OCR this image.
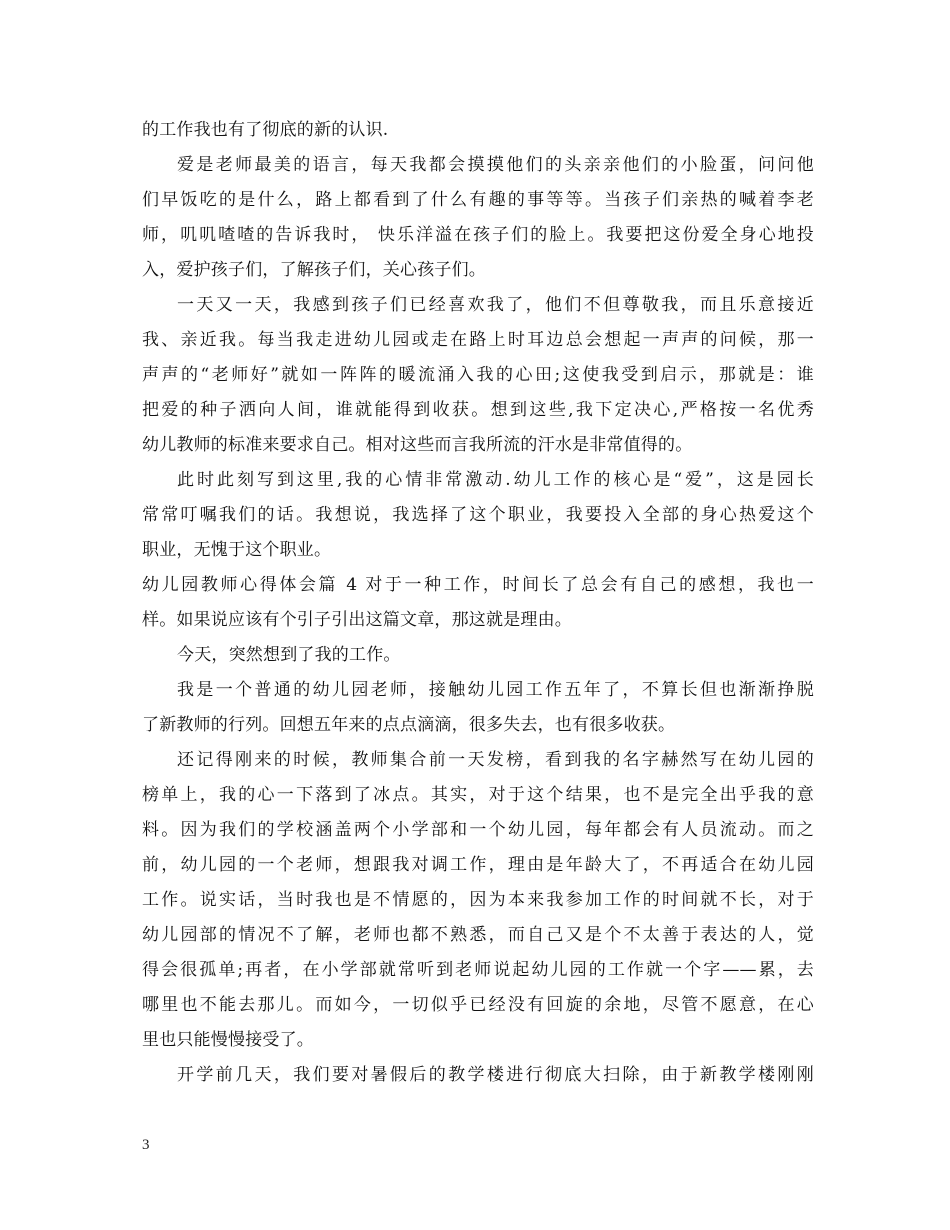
的工作我也有了彻底的新的认识.
爱是老师最美的语言，每天我都会摸摸他们的头亲亲他们的小脸蛋，问问他
们早饭吃的是什么，路上都看到了什么有趣的事等等。当孩子们亲热的喊着李老
师，叽叽喳喳的告诉我时， 快乐洋溢在孩子们的脸上。我要把这份爱全身心地投
入，爱护孩子们，了解孩子们，关心孩子们。
一天又一天，我感到孩子们已经喜欢我了，他们不但尊敬我，而且乐意接近
我、亲近我。每当我走进幼儿园或走在路上时耳边总会想起一声声的问候，那一
声声的“老师好”就如一阵阵的暖流涌入我的心田;这使我受到启示，那就是：谁
把爱的种子洒向人间，谁就能得到收获。想到这些,我下定决心,严格按一名优秀
幼儿教师的标准来要求自己。相对这些而言我所流的汗水是非常值得的。
此时此刻写到这里,我的心情非常激动.幼儿工作的核心是“爱”，这是园长
常常叮嘱我们的话。我想说，我选择了这个职业，我要投入全部的身心热爱这个
职业，无愧于这个职业。
幼儿园教师心得体会篇 4 对于一种工作，时间长了总会有自己的感想，我也一
样。如果说应该有个引子引出这篇文章，那这就是理由。
今天，突然想到了我的工作。
我是一个普通的幼儿园老师，接触幼儿园工作五年了，不算长但也渐渐挣脱
了新教师的行列。回想五年来的点点滴滴，很多失去，也有很多收获。
还记得刚来的时候，教师集合前一天发榜，看到我的名字赫然写在幼儿园的
榜单上，我的心一下落到了冰点。其实，对于这个结果，也不是完全出乎我的意
料。因为我们的学校涵盖两个小学部和一个幼儿园，每年都会有人员流动。而之
前，幼儿园的一个老师，想跟我对调工作，理由是年龄大了，不再适合在幼儿园
工作。说实话，当时我也是不情愿的，因为本来我参加工作的时间就不长，对于
幼儿园部的情况不了解，老师也都不熟悉，而自己又是个不太善于表达的人，觉
得会很孤单;再者，在小学部就常听到老师说起幼儿园的工作就一个字——累，去
哪里也不能去那儿。而如今，一切似乎已经没有回旋的余地，尽管不愿意，在心
里也只能慢慢接受了。
开学前几天，我们要对暑假后的教学楼进行彻底大扫除，由于新教学楼刚刚
3
